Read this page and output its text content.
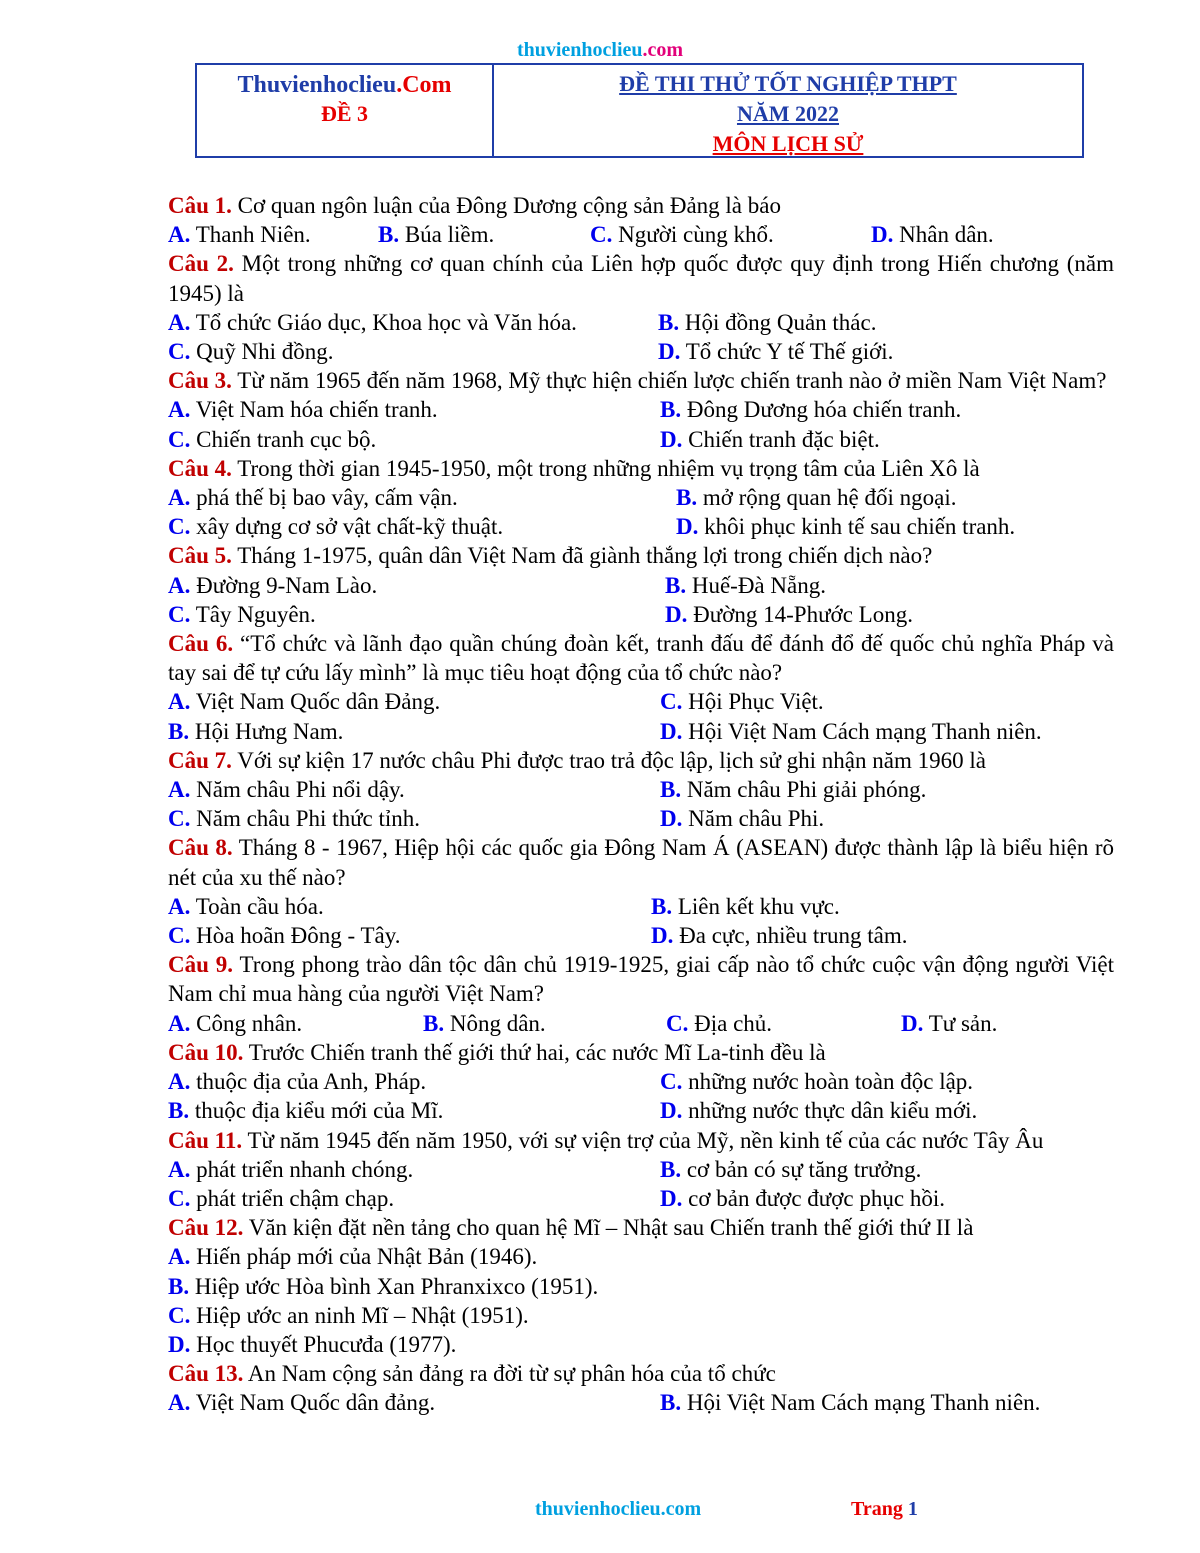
thuvienhoclieu.com
Thuvienhoclieu.Com
ĐỀ 3
ĐỀ THI THỬ TỐT NGHIỆP THPT
NĂM 2022
MÔN LỊCH SỬ
Câu 1. Cơ quan ngôn luận của Đông Dương cộng sản Đảng là báo
A. Thanh Niên.	B. Búa liềm.	C. Người cùng khổ.	D. Nhân dân.
Câu 2. Một trong những cơ quan chính của Liên hợp quốc được quy định trong Hiến chương (năm 1945) là
A. Tổ chức Giáo dục, Khoa học và Văn hóa.	B. Hội đồng Quản thác.
C. Quỹ Nhi đồng.	D. Tổ chức Y tế Thế giới.
Câu 3. Từ năm 1965 đến năm 1968, Mỹ thực hiện chiến lược chiến tranh nào ở miền Nam Việt Nam?
A. Việt Nam hóa chiến tranh.	B. Đông Dương hóa chiến tranh.
C. Chiến tranh cục bộ.	D. Chiến tranh đặc biệt.
Câu 4. Trong thời gian 1945-1950, một trong những nhiệm vụ trọng tâm của Liên Xô là
A. phá thế bị bao vây, cấm vận.	B. mở rộng quan hệ đối ngoại.
C. xây dựng cơ sở vật chất-kỹ thuật.	D. khôi phục kinh tế sau chiến tranh.
Câu 5. Tháng 1-1975, quân dân Việt Nam đã giành thắng lợi trong chiến dịch nào?
A. Đường 9-Nam Lào.	B. Huế-Đà Nẵng.
C. Tây Nguyên.	D. Đường 14-Phước Long.
Câu 6. “Tổ chức và lãnh đạo quần chúng đoàn kết, tranh đấu để đánh đổ đế quốc chủ nghĩa Pháp và tay sai để tự cứu lấy mình” là mục tiêu hoạt động của tổ chức nào?
A. Việt Nam Quốc dân Đảng.	C. Hội Phục Việt.
B. Hội Hưng Nam.	D. Hội Việt Nam Cách mạng Thanh niên.
Câu 7. Với sự kiện 17 nước châu Phi được trao trả độc lập, lịch sử ghi nhận năm 1960 là
A. Năm châu Phi nổi dậy.	B. Năm châu Phi giải phóng.
C. Năm châu Phi thức tỉnh.	D. Năm châu Phi.
Câu 8. Tháng 8 - 1967, Hiệp hội các quốc gia Đông Nam Á (ASEAN) được thành lập là biểu hiện rõ nét của xu thế nào?
A. Toàn cầu hóa.	B. Liên kết khu vực.
C. Hòa hoãn Đông - Tây.	D. Đa cực, nhiều trung tâm.
Câu 9. Trong phong trào dân tộc dân chủ 1919-1925, giai cấp nào tổ chức cuộc vận động người Việt Nam chỉ mua hàng của người Việt Nam?
A. Công nhân.	B. Nông dân.	C. Địa chủ.	D. Tư sản.
Câu 10. Trước Chiến tranh thế giới thứ hai, các nước Mĩ La-tinh đều là
A. thuộc địa của Anh, Pháp.	C. những nước hoàn toàn độc lập.
B. thuộc địa kiểu mới của Mĩ.	D. những nước thực dân kiểu mới.
Câu 11. Từ năm 1945 đến năm 1950, với sự viện trợ của Mỹ, nền kinh tế của các nước Tây Âu
A. phát triển nhanh chóng.	B. cơ bản có sự tăng trưởng.
C. phát triển chậm chạp.	D. cơ bản được được phục hồi.
Câu 12. Văn kiện đặt nền tảng cho quan hệ Mĩ – Nhật sau Chiến tranh thế giới thứ II là
A. Hiến pháp mới của Nhật Bản (1946).
B. Hiệp ước Hòa bình Xan Phranxixco (1951).
C. Hiệp ước an ninh Mĩ – Nhật (1951).
D. Học thuyết Phucưđa (1977).
Câu 13. An Nam cộng sản đảng ra đời từ sự phân hóa của tổ chức
A. Việt Nam Quốc dân đảng.	B. Hội Việt Nam Cách mạng Thanh niên.
thuvienhoclieu.com	Trang 1
